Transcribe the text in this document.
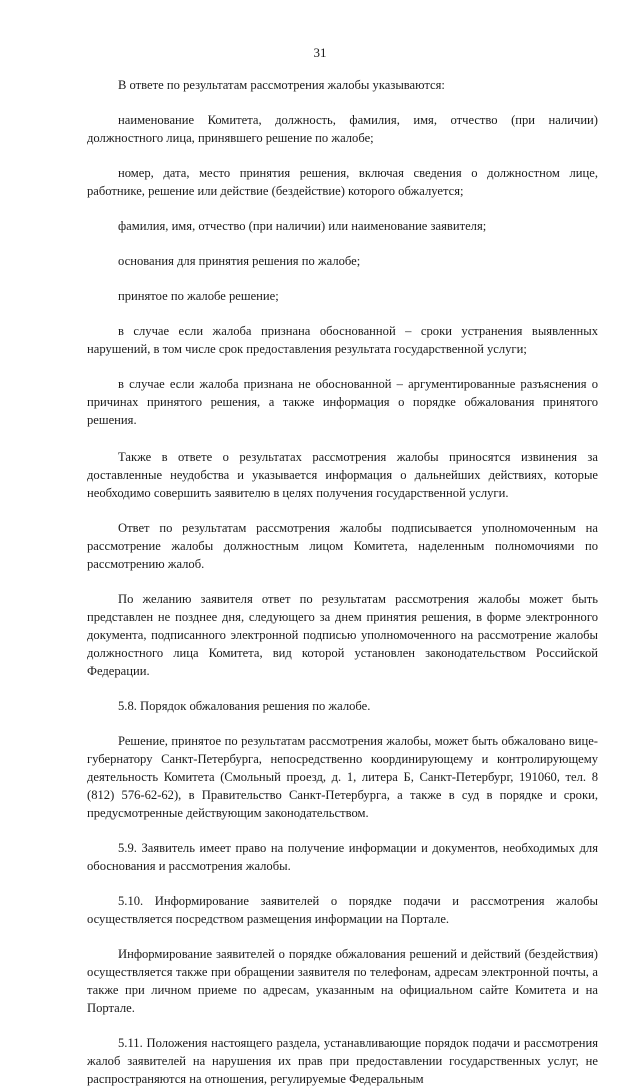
31

В ответе по результатам рассмотрения жалобы указываются:

наименование Комитета, должность, фамилия, имя, отчество (при наличии) должностного лица, принявшего решение по жалобе;

номер, дата, место принятия решения, включая сведения о должностном лице, работнике, решение или действие (бездействие) которого обжалуется;

фамилия, имя, отчество (при наличии) или наименование заявителя;

основания для принятия решения по жалобе;

принятое по жалобе решение;

в случае если жалоба признана обоснованной – сроки устранения выявленных нарушений, в том числе срок предоставления результата государственной услуги;

в случае если жалоба признана не обоснованной – аргументированные разъяснения о причинах принятого решения, а также информация о порядке обжалования принятого решения.

Также в ответе о результатах рассмотрения жалобы приносятся извинения за доставленные неудобства и указывается информация о дальнейших действиях, которые необходимо совершить заявителю в целях получения государственной услуги.

Ответ по результатам рассмотрения жалобы подписывается уполномоченным на рассмотрение жалобы должностным лицом Комитета, наделенным полномочиями по рассмотрению жалоб.

По желанию заявителя ответ по результатам рассмотрения жалобы может быть представлен не позднее дня, следующего за днем принятия решения, в форме электронного документа, подписанного электронной подписью уполномоченного на рассмотрение жалобы должностного лица Комитета, вид которой установлен законодательством Российской Федерации.

5.8. Порядок обжалования решения по жалобе.

Решение, принятое по результатам рассмотрения жалобы, может быть обжаловано вице-губернатору Санкт-Петербурга, непосредственно координирующему и контролирующему деятельность Комитета (Смольный проезд, д. 1, литера Б, Санкт-Петербург, 191060, тел. 8 (812) 576-62-62), в Правительство Санкт-Петербурга, а также в суд в порядке и сроки, предусмотренные действующим законодательством.

5.9. Заявитель имеет право на получение информации и документов, необходимых для обоснования и рассмотрения жалобы.

5.10. Информирование заявителей о порядке подачи и рассмотрения жалобы осуществляется посредством размещения информации на Портале.

Информирование заявителей о порядке обжалования решений и действий (бездействия) осуществляется также при обращении заявителя по телефонам, адресам электронной почты, а также при личном приеме по адресам, указанным на официальном сайте Комитета и на Портале.

5.11. Положения настоящего раздела, устанавливающие порядок подачи и рассмотрения жалоб заявителей на нарушения их прав при предоставлении государственных услуг, не распространяются на отношения, регулируемые Федеральным
